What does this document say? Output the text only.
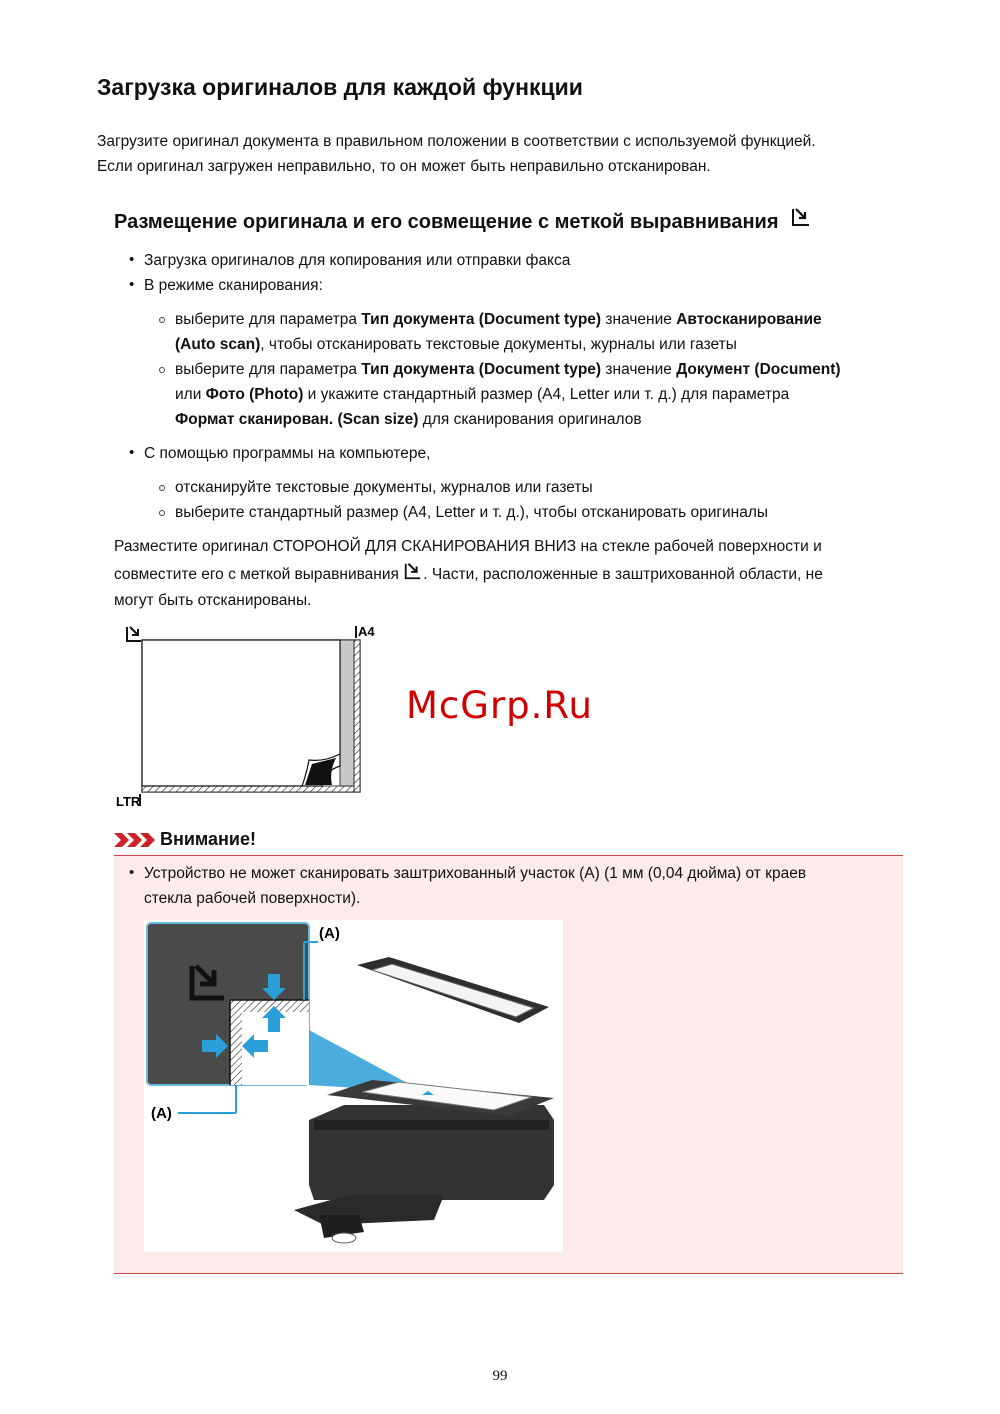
Загрузка оригиналов для каждой функции
Загрузите оригинал документа в правильном положении в соответствии с используемой функцией.
Если оригинал загружен неправильно, то он может быть неправильно отсканирован.
Размещение оригинала и его совмещение с меткой выравнивания
• Загрузка оригиналов для копирования или отправки факса
• В режиме сканирования:
выберите для параметра Тип документа (Document type) значение Автосканирование
(Auto scan), чтобы отсканировать текстовые документы, журналы или газеты
выберите для параметра Тип документа (Document type) значение Документ (Document)
или Фото (Photo) и укажите стандартный размер (A4, Letter или т. д.) для параметра
Формат сканирован. (Scan size) для сканирования оригиналов
• С помощью программы на компьютере,
отсканируйте текстовые документы, журналов или газеты
выберите стандартный размер (A4, Letter и т. д.), чтобы отсканировать оригиналы
Разместите оригинал СТОРОНОЙ ДЛЯ СКАНИРОВАНИЯ ВНИЗ на стекле рабочей поверхности и
совместите его с меткой выравнивания . Части, расположенные в заштрихованной области, не
могут быть отсканированы.
A4
LTR
McGrp.Ru
Внимание!
• Устройство не может сканировать заштрихованный участок (A) (1 мм (0,04 дюйма) от краев
стекла рабочей поверхности).
(A)
(A)
99
